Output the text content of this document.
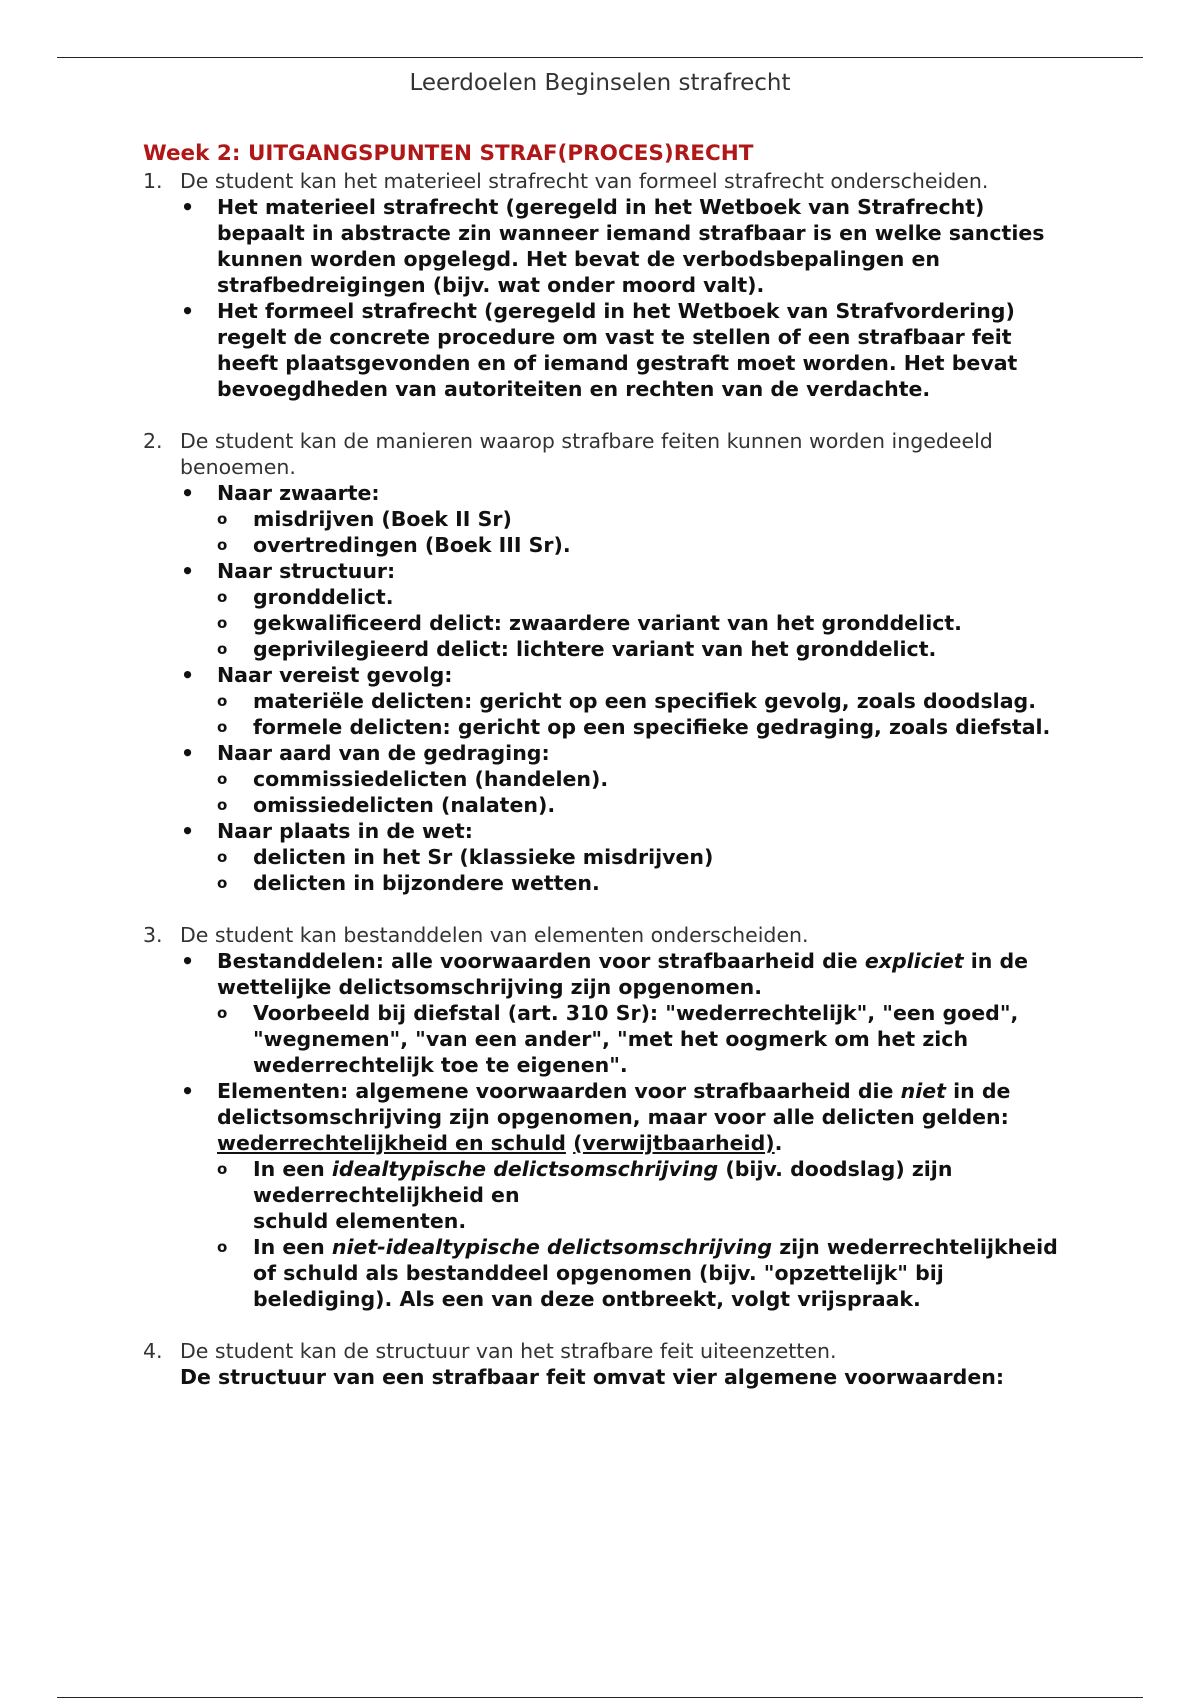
Leerdoelen Beginselen strafrecht
Week 2: UITGANGSPUNTEN STRAF(PROCES)RECHT
1. De student kan het materieel strafrecht van formeel strafrecht onderscheiden.
• Het materieel strafrecht (geregeld in het Wetboek van Strafrecht) bepaalt in abstracte zin wanneer iemand strafbaar is en welke sancties kunnen worden opgelegd. Het bevat de verbodsbepalingen en strafbedreigingen (bijv. wat onder moord valt).
• Het formeel strafrecht (geregeld in het Wetboek van Strafvordering) regelt de concrete procedure om vast te stellen of een strafbaar feit heeft plaatsgevonden en of iemand gestraft moet worden. Het bevat bevoegdheden van autoriteiten en rechten van de verdachte.
2. De student kan de manieren waarop strafbare feiten kunnen worden ingedeeld benoemen.
• Naar zwaarte:
o misdrijven (Boek II Sr)
o overtredingen (Boek III Sr).
• Naar structuur:
o gronddelict.
o gekwalificeerd delict: zwaardere variant van het gronddelict.
o geprivilegieerd delict: lichtere variant van het gronddelict.
• Naar vereist gevolg:
o materiële delicten: gericht op een specifiek gevolg, zoals doodslag.
o formele delicten: gericht op een specifieke gedraging, zoals diefstal.
• Naar aard van de gedraging:
o commissiedelicten (handelen).
o omissiedelicten (nalaten).
• Naar plaats in de wet:
o delicten in het Sr (klassieke misdrijven)
o delicten in bijzondere wetten.
3. De student kan bestanddelen van elementen onderscheiden.
• Bestanddelen: alle voorwaarden voor strafbaarheid die expliciet in de wettelijke delictsomschrijving zijn opgenomen.
o Voorbeeld bij diefstal (art. 310 Sr): "wederrechtelijk", "een goed", "wegnemen", "van een ander", "met het oogmerk om het zich wederrechtelijk toe te eigenen".
• Elementen: algemene voorwaarden voor strafbaarheid die niet in de delictsomschrijving zijn opgenomen, maar voor alle delicten gelden: wederrechtelijkheid en schuld (verwijtbaarheid).
o In een idealtypische delictsomschrijving (bijv. doodslag) zijn wederrechtelijkheid en
schuld elementen.
o In een niet-idealtypische delictsomschrijving zijn wederrechtelijkheid of schuld als bestanddeel opgenomen (bijv. "opzettelijk" bij belediging). Als een van deze ontbreekt, volgt vrijspraak.
4. De student kan de structuur van het strafbare feit uiteenzetten.
De structuur van een strafbaar feit omvat vier algemene voorwaarden:
